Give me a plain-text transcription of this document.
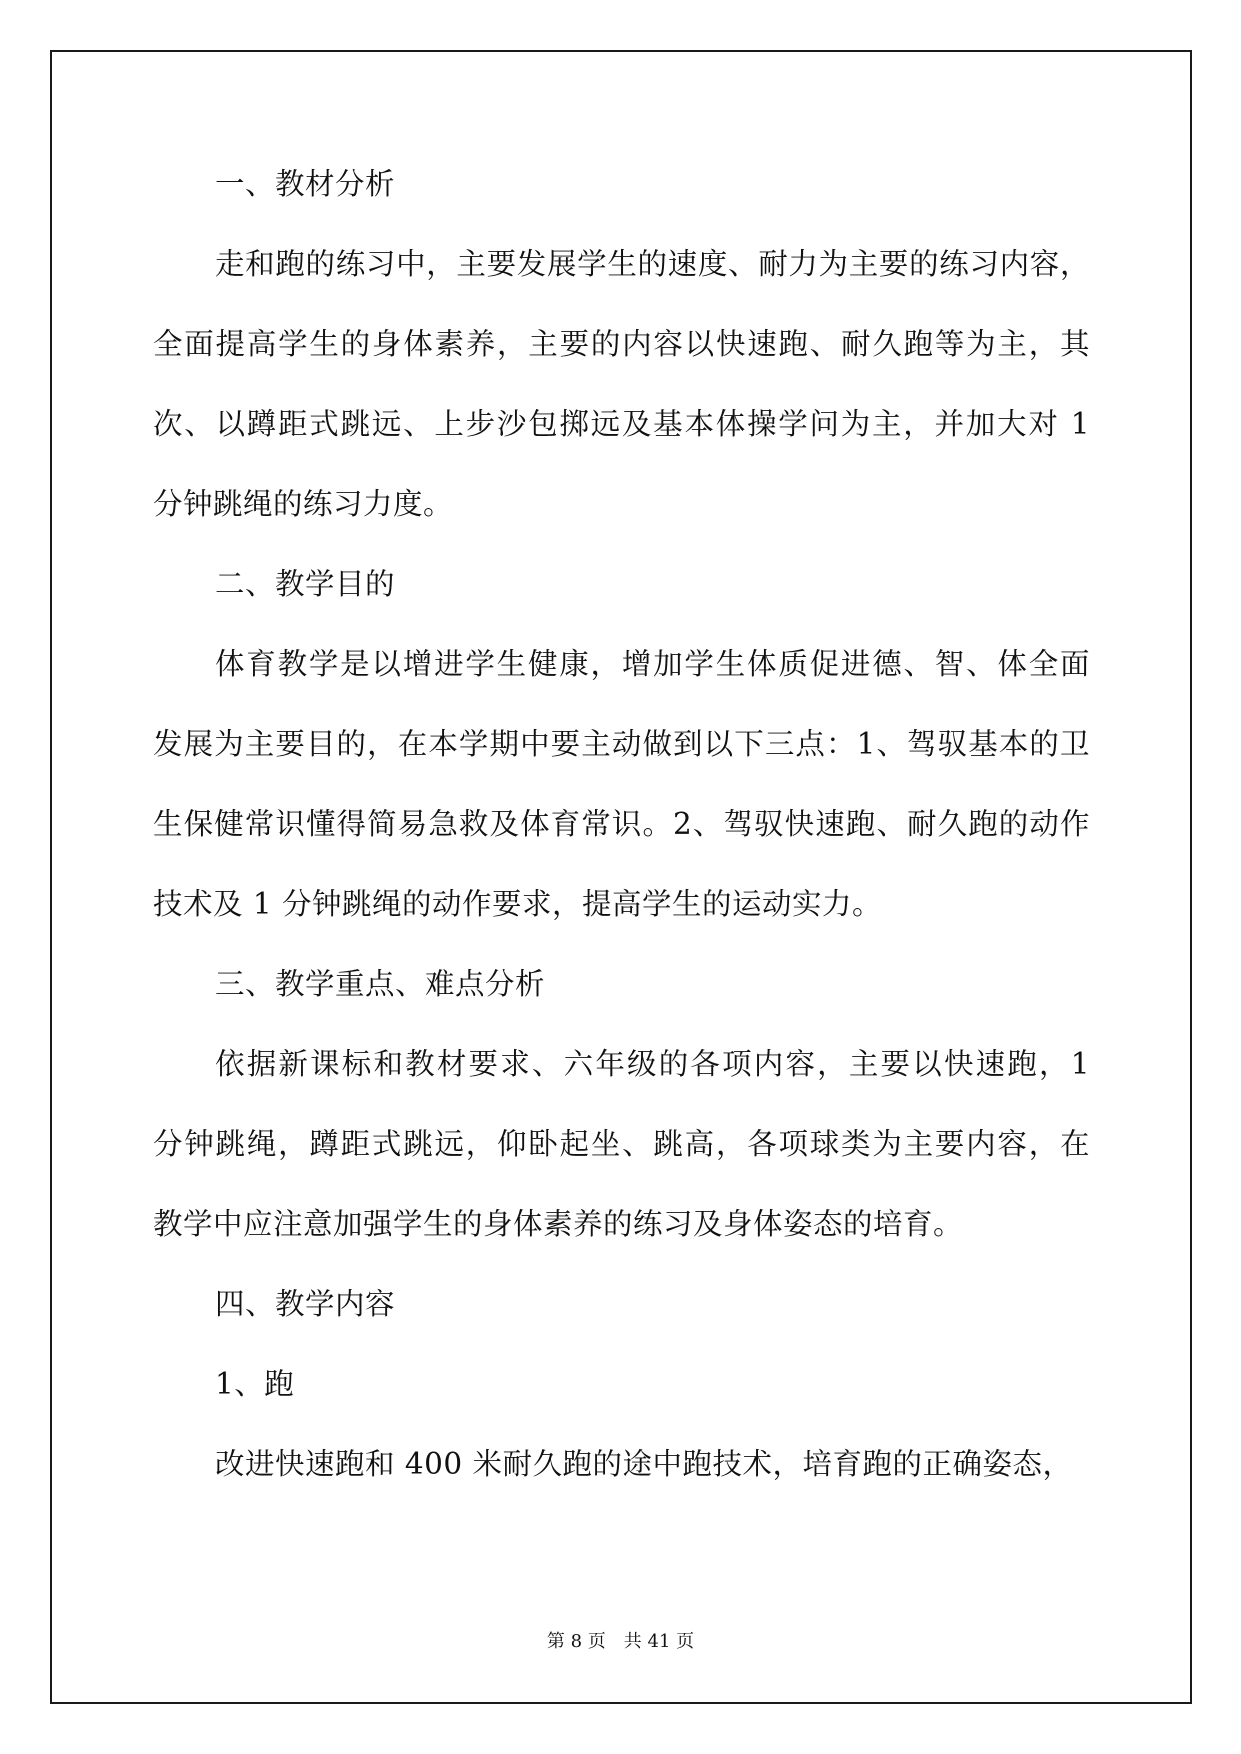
一、教材分析
走和跑的练习中，主要发展学生的速度、耐力为主要的练习内容，
全面提高学生的身体素养，主要的内容以快速跑、耐久跑等为主，其
次、以蹲距式跳远、上步沙包掷远及基本体操学问为主，并加大对 1
分钟跳绳的练习力度。
二、教学目的
体育教学是以增进学生健康，增加学生体质促进德、智、体全面
发展为主要目的，在本学期中要主动做到以下三点：1、驾驭基本的卫
生保健常识懂得简易急救及体育常识。2、驾驭快速跑、耐久跑的动作
技术及 1 分钟跳绳的动作要求，提高学生的运动实力。
三、教学重点、难点分析
依据新课标和教材要求、六年级的各项内容，主要以快速跑，1
分钟跳绳，蹲距式跳远，仰卧起坐、跳高，各项球类为主要内容，在
教学中应注意加强学生的身体素养的练习及身体姿态的培育。
四、教学内容
1、跑
改进快速跑和 400 米耐久跑的途中跑技术，培育跑的正确姿态，
第 8 页 共 41 页
